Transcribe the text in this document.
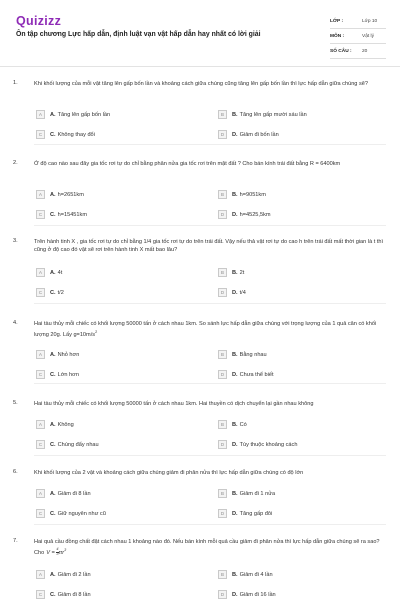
Quizizz
Ôn tập chương Lực hấp dẫn, định luật vạn vật hấp dẫn hay nhất có lời giải
LỚP :	Lớp 10
MÔN :	Vật lý
SỐ CÂU :	20
1.	Khi khối lượng của mỗi vật tăng lên gấp bốn lần và khoảng cách giữa chúng cũng tăng lên gấp bốn lần thì lực hấp dẫn giữa chúng sẽ?
A	A. Tăng lên gấp bốn lần	B	B. Tăng lên gấp mười sáu lần
C	C. Không thay đổi	D	D. Giảm đi bốn lần
2.	Ở độ cao nào sau đây gia tốc rơi tự do chỉ bằng phân nửa gia tốc rơi trên mặt đất ? Cho bán kính trái đất bằng R = 6400km
A	A. h=2651km	B	B. h=9051km
C	C. h=15451km	D	D. h=4525,5km
3.	Trên hành tinh X , gia tốc rơi tự do chỉ bằng 1/4 gia tốc rơi tự do trên trái đất. Vậy nếu thả vật rơi tự do cao h trên trái đất mất thời gian là t thì cũng ở độ cao đó vật sẽ rơi trên hành tinh X mất bao lâu?
A	A. 4t	B	B. 2t
C	C. t/2	D	D. t/4
4.	Hai tàu thủy mỗi chiếc có khối lượng 50000 tấn ở cách nhau 1km. So sánh lực hấp dẫn giữa chúng với trọng lượng của 1 quả cân có khối lượng 20g. Lấy $g=10m/s^2$
A	A. Nhỏ hơn	B	B. Bằng nhau
C	C. Lớn hơn	D	D. Chưa thể biết
5.	Hai tàu thủy mỗi chiếc có khối lượng 50000 tấn ở cách nhau 1km. Hai thuyền có dịch chuyển lại gần nhau không
A	A. Không	B	B. Có
C	C. Chúng đẩy nhau	D	D. Tùy thuộc khoảng cách
6.	Khi khối lượng của 2 vật và khoảng cách giữa chúng giảm đi phân nửa thì lực hấp dẫn giữa chúng có độ lớn
A	A. Giảm đi 8 lần	B	B. Giảm đi 1 nửa
C	C. Giữ nguyên như cũ	D	D. Tăng gấp đôi
7.	Hai quả cầu đồng chất đặt cách nhau 1 khoảng nào đó. Nếu bán kính mỗi quả cầu giảm đi phân nửa thì lực hấp dẫn giữa chúng sẽ ra sao? Cho $V = \frac{4}{3}\pi r^3$
A	A. Giảm đi 2 lần	B	B. Giảm đi 4 lần
C	C. Giảm đi 8 lần	D	D. Giảm đi 16 lần
